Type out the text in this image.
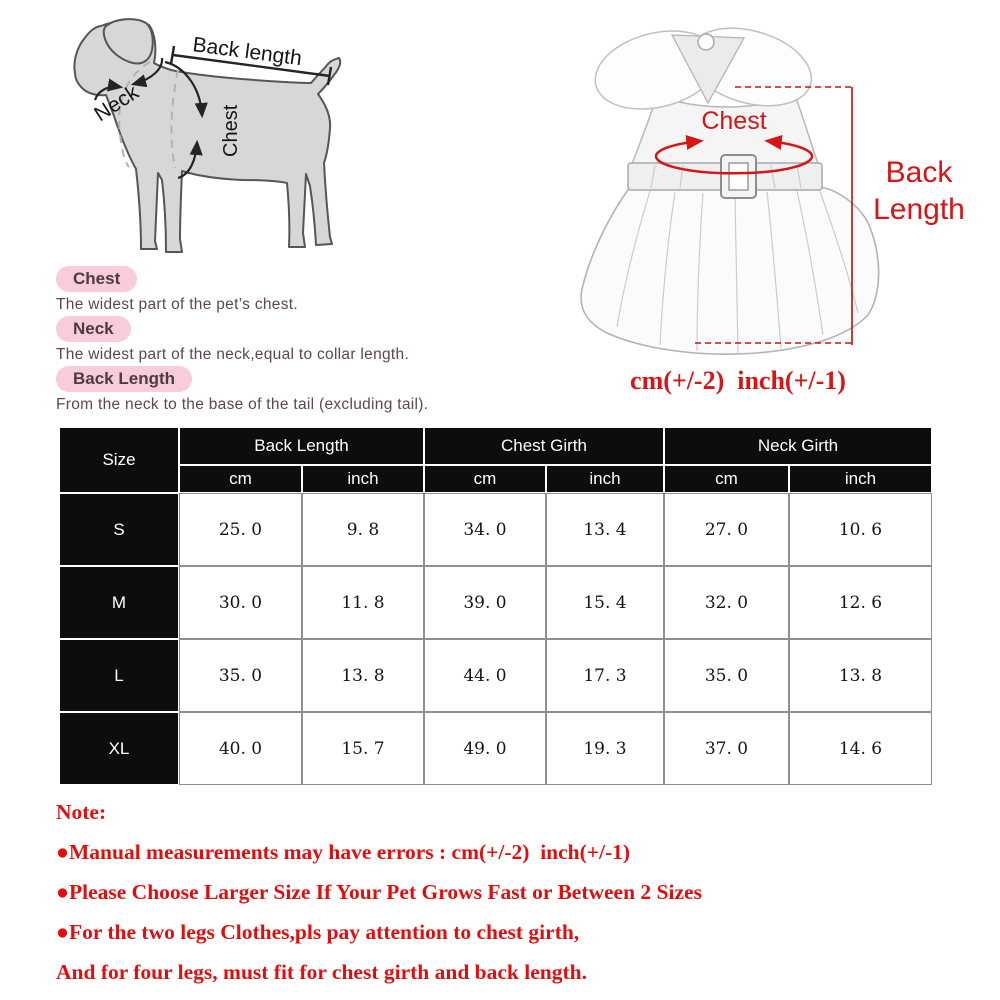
Back length
Neck
Chest
Chest
The widest part of the pet’s chest.
Neck
The widest part of the neck,equal to collar length.
Back Length
From the neck to the base of the tail (excluding tail).
Chest
Back Length
cm(+/-2)  inch(+/-1)
Size
Back Length	Chest Girth	Neck Girth
cm	inch	cm	inch	cm	inch
S	25. 0	9. 8	34. 0	13. 4	27. 0	10. 6
M	30. 0	11. 8	39. 0	15. 4	32. 0	12. 6
L	35. 0	13. 8	44. 0	17. 3	35. 0	13. 8
XL	40. 0	15. 7	49. 0	19. 3	37. 0	14. 6
Note:
●Manual measurements may have errors : cm(+/-2)  inch(+/-1)
●Please Choose Larger Size If Your Pet Grows Fast or Between 2 Sizes
●For the two legs Clothes,pls pay attention to chest girth,
And for four legs, must fit for chest girth and back length.
